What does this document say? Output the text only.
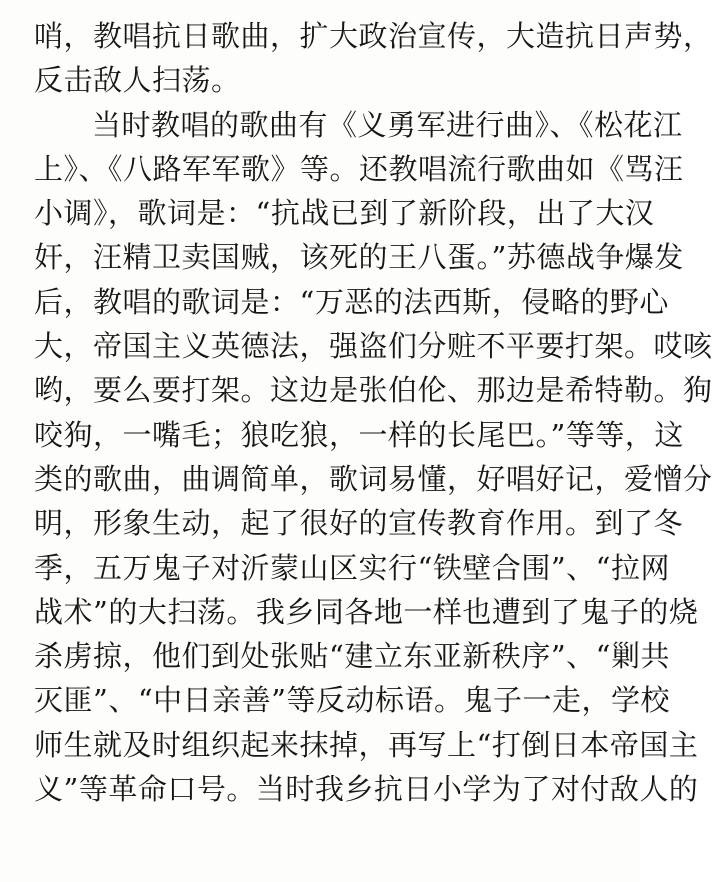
哨，教唱抗日歌曲，扩大政治宣传，大造抗日声势，
反击敌人扫荡。
当时教唱的歌曲有《义勇军进行曲》、《松花江
上》、《八路军军歌》等。还教唱流行歌曲如《骂汪
小调》，歌词是：“抗战已到了新阶段，出了大汉
奸，汪精卫卖国贼，该死的王八蛋。”苏德战争爆发
后，教唱的歌词是：“万恶的法西斯，侵略的野心
大，帝国主义英德法，强盗们分赃不平要打架。哎咳
哟，要么要打架。这边是张伯伦、那边是希特勒。狗
咬狗，一嘴毛；狼吃狼，一样的长尾巴。”等等，这
类的歌曲，曲调简单，歌词易懂，好唱好记，爱憎分
明，形象生动，起了很好的宣传教育作用。到了冬
季，五万鬼子对沂蒙山区实行“铁壁合围”、“拉网
战术”的大扫荡。我乡同各地一样也遭到了鬼子的烧
杀虏掠，他们到处张贴“建立东亚新秩序”、“剿共
灭匪”、“中日亲善”等反动标语。鬼子一走，学校
师生就及时组织起来抹掉，再写上“打倒日本帝国主
义”等革命口号。当时我乡抗日小学为了对付敌人的
